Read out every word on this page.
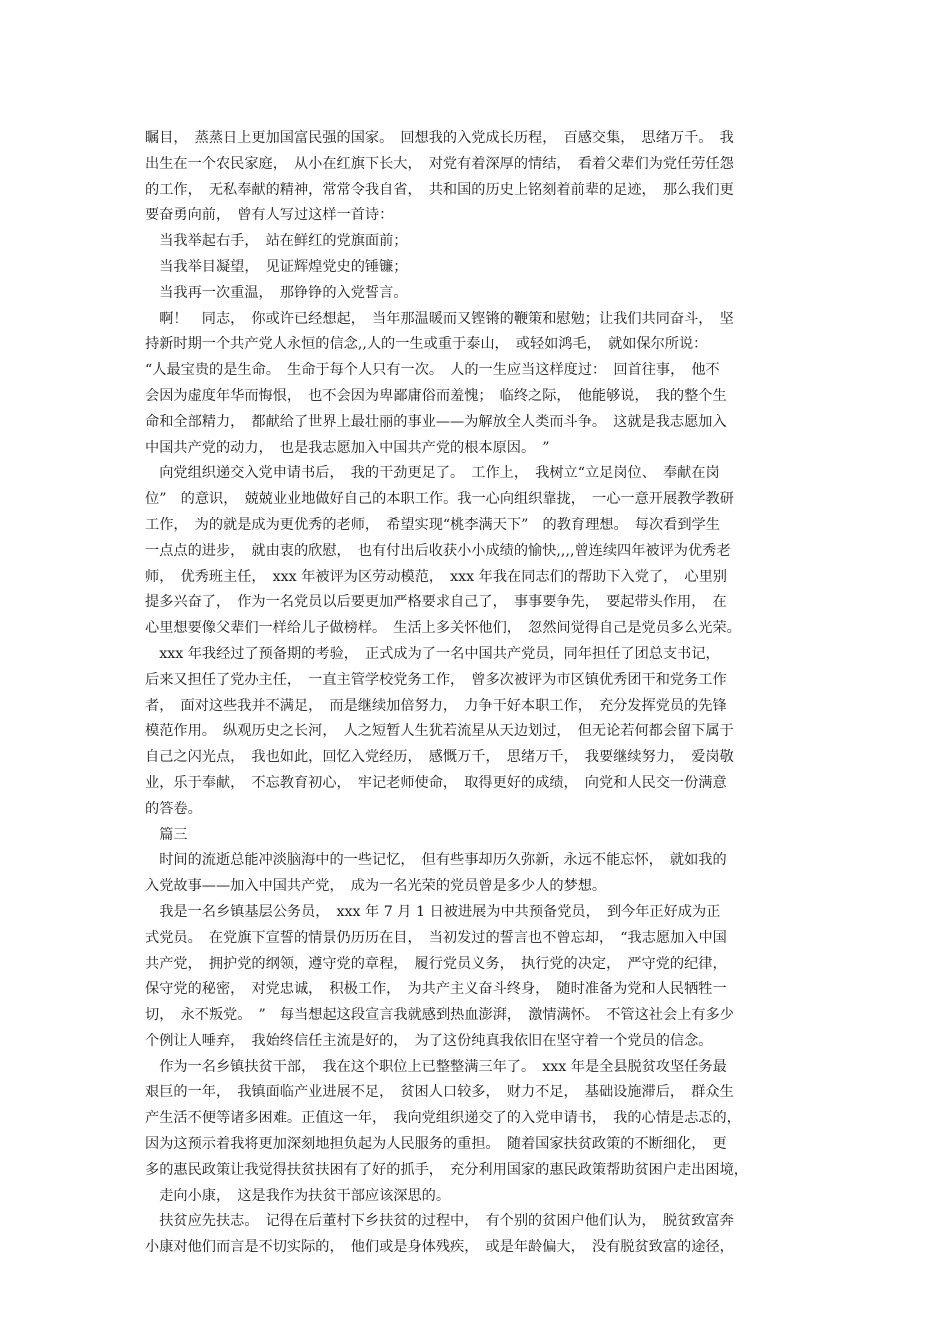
瞩目，　蒸蒸日上更加国富民强的国家。　回想我的入党成长历程，　百感交集，　思绪万千。　我
出生在一个农民家庭，　从小在红旗下长大，　对党有着深厚的情结，　看着父辈们为党任劳任怨
的工作，　无私奉献的精神，常常令我自省，　共和国的历史上铭刻着前辈的足迹，　那么我们更
要奋勇向前，　曾有人写过这样一首诗：
　当我举起右手，　站在鲜红的党旗面前；
　当我举目凝望，　见证辉煌党史的锤镰；
　当我再一次重温，　那铮铮的入党誓言。
　啊！　同志，　你或许已经想起，　当年那温暖而又铿锵的鞭策和慰勉；让我们共同奋斗，　坚
持新时期一个共产党人永恒的信念,,人的一生或重于泰山，　或轻如鸿毛，　就如保尔所说：
“人最宝贵的是生命。　生命于每个人只有一次。　人的一生应当这样度过：　回首往事，　他不
会因为虚度年华而悔恨，　也不会因为卑鄙庸俗而羞愧；　临终之际，　他能够说，　我的整个生
命和全部精力，　都献给了世界上最壮丽的事业——为解放全人类而斗争。　这就是我志愿加入
中国共产党的动力，　也是我志愿加入中国共产党的根本原因。　”
　向党组织递交入党申请书后，　我的干劲更足了。　工作上，　我树立“立足岗位、　奉献在岗
位”　的意识，　兢兢业业地做好自己的本职工作。我一心向组织靠拢，　一心一意开展教学教研
工作，　为的就是成为更优秀的老师，　希望实现“桃李满天下”　的教育理想。　每次看到学生
一点点的进步，　就由衷的欣慰，　也有付出后收获小小成绩的愉快,,,,曾连续四年被评为优秀老
师，　优秀班主任，　xxx 年被评为区劳动模范，　xxx 年我在同志们的帮助下入党了，　心里别
提多兴奋了，　作为一名党员以后要更加严格要求自己了，　事事要争先，　要起带头作用，　在
心里想要像父辈们一样给儿子做榜样。　生活上多关怀他们，　忽然间觉得自己是党员多么光荣。
　xxx 年我经过了预备期的考验，　正式成为了一名中国共产党员，同年担任了团总支书记，
后来又担任了党办主任，　一直主管学校党务工作，　曾多次被评为市区镇优秀团干和党务工作
者，　面对这些我并不满足，　而是继续加倍努力，　力争干好本职工作，　充分发挥党员的先锋
模范作用。　纵观历史之长河，　人之短暂人生犹若流星从天边划过，　但无论若何都会留下属于
自己之闪光点，　我也如此，回忆入党经历，　感慨万千，　思绪万千，　我要继续努力，　爱岗敬
业，乐于奉献，　不忘教育初心，　牢记老师使命，　取得更好的成绩，　向党和人民交一份满意
的答卷。
　篇三
　时间的流逝总能冲淡脑海中的一些记忆，　但有些事却历久弥新，永远不能忘怀，　就如我的
入党故事——加入中国共产党，　成为一名光荣的党员曾是多少人的梦想。
　我是一名乡镇基层公务员，　xxx 年 7 月 1 日被进展为中共预备党员，　到今年正好成为正
式党员。　在党旗下宣誓的情景仍历历在目，　当初发过的誓言也不曾忘却，　“我志愿加入中国
共产党，　拥护党的纲领，遵守党的章程，　履行党员义务，　执行党的决定，　严守党的纪律，
保守党的秘密，　对党忠诚，　积极工作，　为共产主义奋斗终身，　随时准备为党和人民牺牲一
切，　永不叛党。　”　每当想起这段宣言我就感到热血澎湃，　激情满怀。　不管这社会上有多少
个例让人唾弃，　我始终信任主流是好的，　为了这份纯真我依旧在坚守着一个党员的信念。
　作为一名乡镇扶贫干部，　我在这个职位上已整整满三年了。　xxx 年是全县脱贫攻坚任务最
艰巨的一年，　我镇面临产业进展不足，　贫困人口较多，　财力不足，　基础设施滞后，　群众生
产生活不便等诸多困难。正值这一年，　我向党组织递交了的入党申请书，　我的心情是忐忑的，
因为这预示着我将更加深刻地担负起为人民服务的重担。　随着国家扶贫政策的不断细化，　更
多的惠民政策让我觉得扶贫扶困有了好的抓手，　充分利用国家的惠民政策帮助贫困户走出困境，
　走向小康，　这是我作为扶贫干部应该深思的。
　扶贫应先扶志。　记得在后董村下乡扶贫的过程中，　有个别的贫困户他们认为，　脱贫致富奔
小康对他们而言是不切实际的，　他们或是身体残疾，　或是年龄偏大，　没有脱贫致富的途径，
